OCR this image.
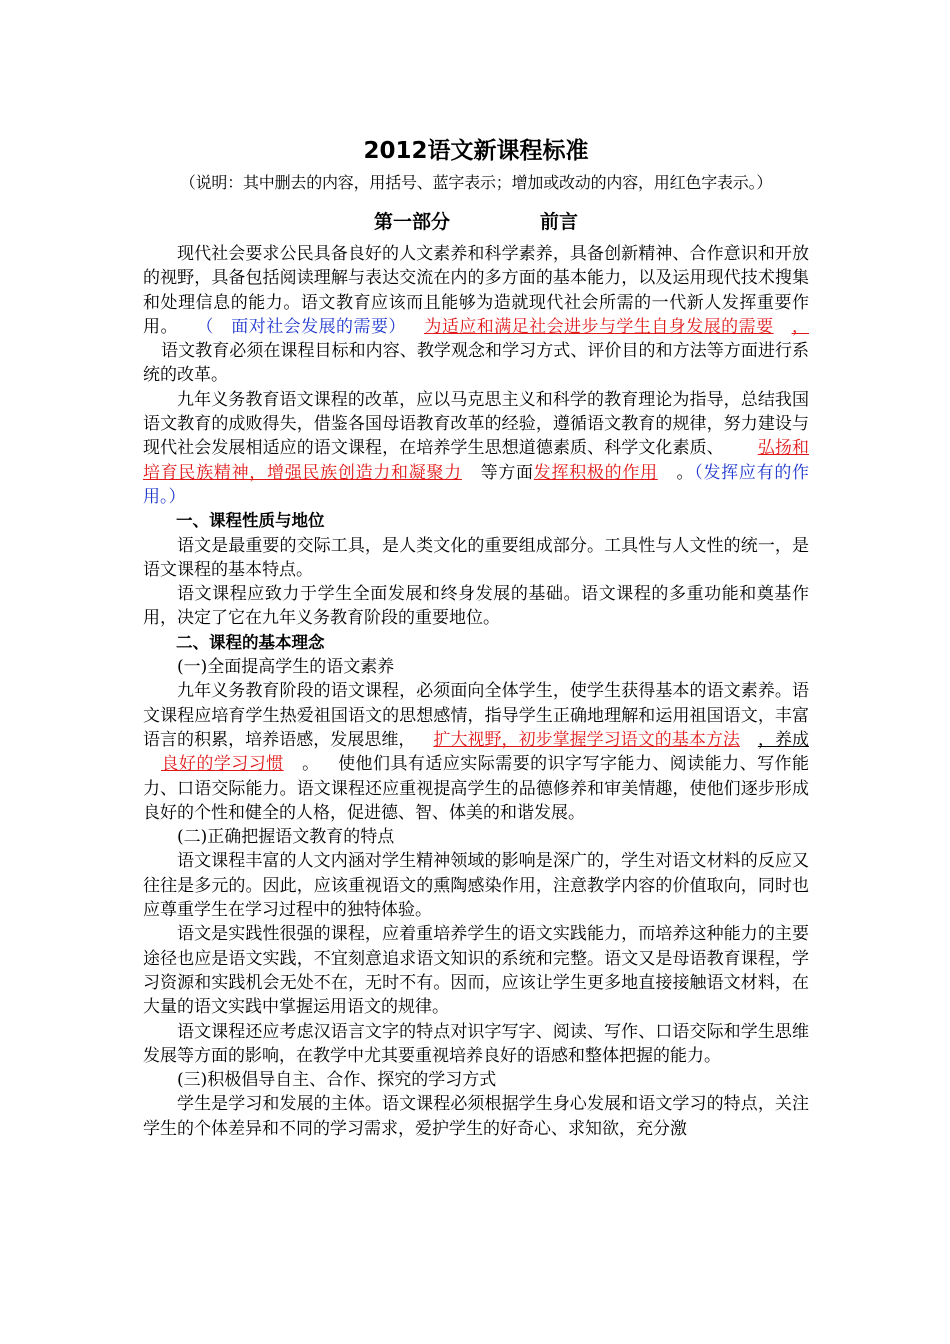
2012语文新课程标准
（说明：其中删去的内容，用括号、蓝字表示；增加或改动的内容，用红色字表示。）
第一部分	前言

现代社会要求公民具备良好的人文素养和科学素养，具备创新精神、合作意识和开放的视野，具备包括阅读理解与表达交流在内的多方面的基本能力，以及运用现代技术搜集和处理信息的能力。语文教育应该而且能够为造就现代社会所需的一代新人发挥重要作用。 （　面对社会发展的需要） 为适应和满足社会进步与学生自身发展的需要 ，语文教育必须在课程目标和内容、教学观念和学习方式、评价目的和方法等方面进行系统的改革。

九年义务教育语文课程的改革，应以马克思主义和科学的教育理论为指导，总结我国语文教育的成败得失，借鉴各国母语教育改革的经验，遵循语文教育的规律，努力建设与现代社会发展相适应的语文课程，在培养学生思想道德素质、科学文化素质、 弘扬和培育民族精神，增强民族创造力和凝聚力 等方面发挥积极的作用 。（发挥应有的作用。）

一、课程性质与地位

语文是最重要的交际工具，是人类文化的重要组成部分。工具性与人文性的统一，是语文课程的基本特点。

语文课程应致力于学生全面发展和终身发展的基础。语文课程的多重功能和奠基作用，决定了它在九年义务教育阶段的重要地位。

二、课程的基本理念

(一)全面提高学生的语文素养

九年义务教育阶段的语文课程，必须面向全体学生，使学生获得基本的语文素养。语文课程应培育学生热爱祖国语文的思想感情，指导学生正确地理解和运用祖国语文，丰富语言的积累，培养语感，发展思维， 扩大视野，初步掌握学习语文的基本方法 ，养成良好的学习习惯 。 使他们具有适应实际需要的识字写字能力、阅读能力、写作能力、口语交际能力。语文课程还应重视提高学生的品德修养和审美情趣，使他们逐步形成良好的个性和健全的人格，促进德、智、体美的和谐发展。

(二)正确把握语文教育的特点

语文课程丰富的人文内涵对学生精神领域的影响是深广的，学生对语文材料的反应又往往是多元的。因此，应该重视语文的熏陶感染作用，注意教学内容的价值取向，同时也应尊重学生在学习过程中的独特体验。

语文是实践性很强的课程，应着重培养学生的语文实践能力，而培养这种能力的主要途径也应是语文实践，不宜刻意追求语文知识的系统和完整。语文又是母语教育课程，学习资源和实践机会无处不在，无时不有。因而，应该让学生更多地直接接触语文材料，在大量的语文实践中掌握运用语文的规律。

语文课程还应考虑汉语言文字的特点对识字写字、阅读、写作、口语交际和学生思维发展等方面的影响，在教学中尤其要重视培养良好的语感和整体把握的能力。

(三)积极倡导自主、合作、探究的学习方式

学生是学习和发展的主体。语文课程必须根据学生身心发展和语文学习的特点，关注学生的个体差异和不同的学习需求，爱护学生的好奇心、求知欲，充分激
